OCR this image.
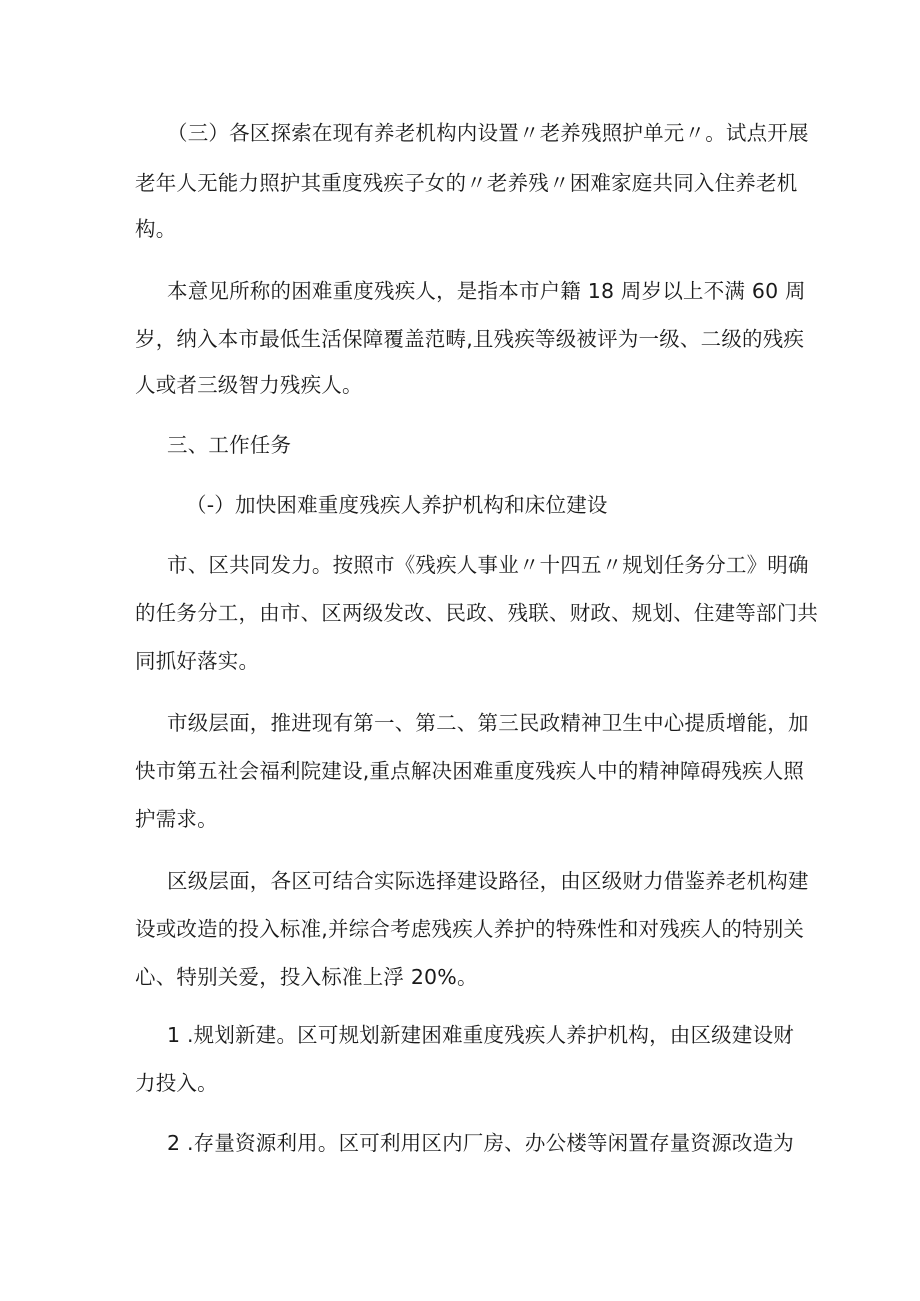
（三）各区探索在现有养老机构内设置〃老养残照护单元〃。试点开展
老年人无能力照护其重度残疾子女的〃老养残〃困难家庭共同入住养老机
构。
本意见所称的困难重度残疾人，是指本市户籍 18 周岁以上不满 60 周
岁，纳入本市最低生活保障覆盖范畴,且残疾等级被评为一级、二级的残疾
人或者三级智力残疾人。
三、工作任务
（-）加快困难重度残疾人养护机构和床位建设
市、区共同发力。按照市《残疾人事业〃十四五〃规划任务分工》明确
的任务分工，由市、区两级发改、民政、残联、财政、规划、住建等部门共
同抓好落实。
市级层面，推进现有第一、第二、第三民政精神卫生中心提质增能，加
快市第五社会福利院建设,重点解决困难重度残疾人中的精神障碍残疾人照
护需求。
区级层面，各区可结合实际选择建设路径，由区级财力借鉴养老机构建
设或改造的投入标准,并综合考虑残疾人养护的特殊性和对残疾人的特别关
心、特别关爱，投入标准上浮 20%。
1 .规划新建。区可规划新建困难重度残疾人养护机构，由区级建设财
力投入。
2 .存量资源利用。区可利用区内厂房、办公楼等闲置存量资源改造为
